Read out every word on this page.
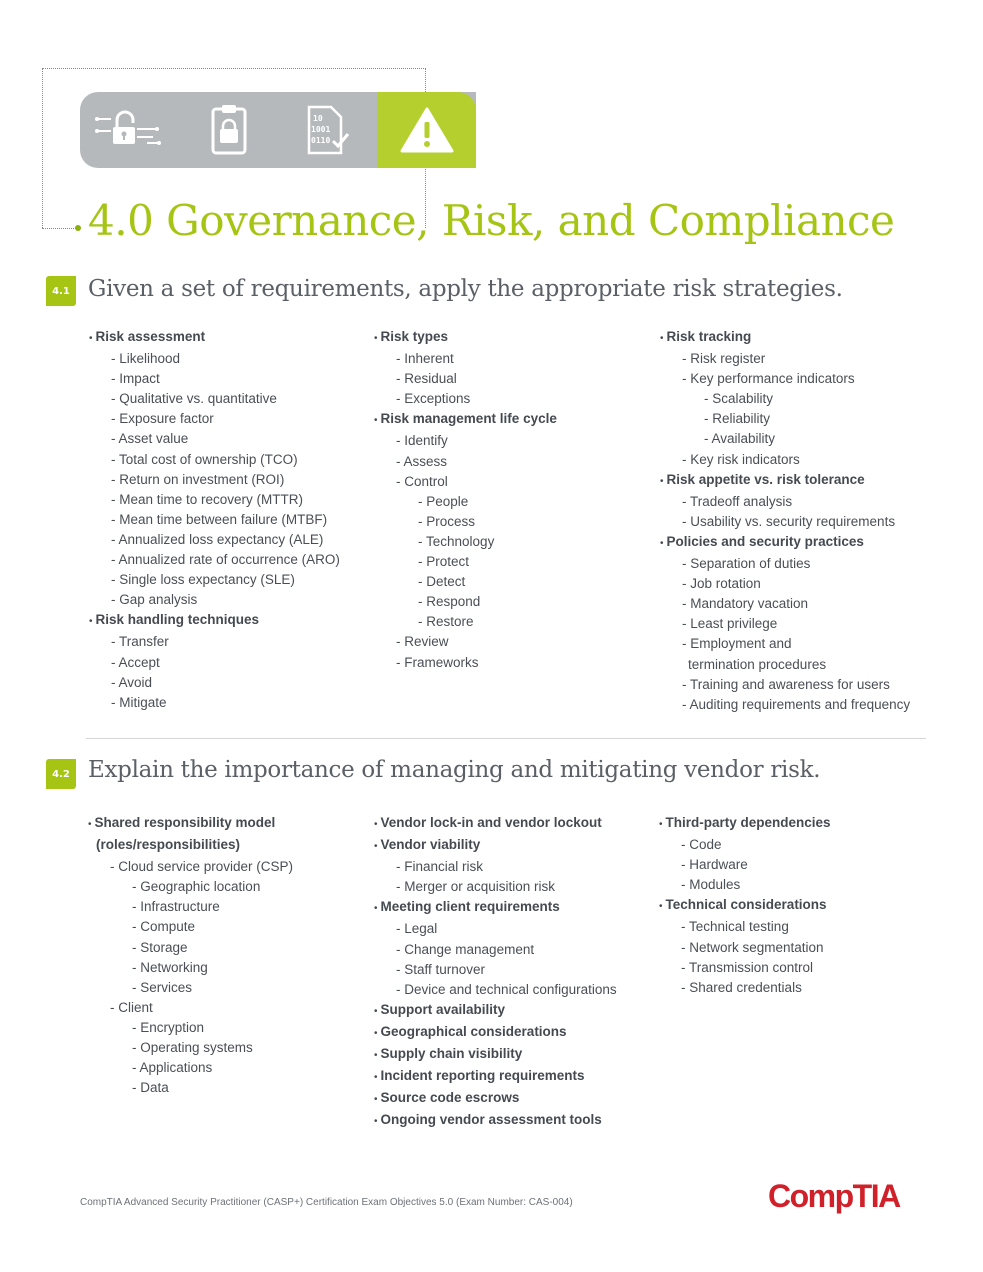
10
1001
0110
4.0 Governance, Risk, and Compliance
4.1 Given a set of requirements, apply the appropriate risk strategies.
• Risk assessment
- Likelihood
- Impact
- Qualitative vs. quantitative
- Exposure factor
- Asset value
- Total cost of ownership (TCO)
- Return on investment (ROI)
- Mean time to recovery (MTTR)
- Mean time between failure (MTBF)
- Annualized loss expectancy (ALE)
- Annualized rate of occurrence (ARO)
- Single loss expectancy (SLE)
- Gap analysis
• Risk handling techniques
- Transfer
- Accept
- Avoid
- Mitigate
• Risk types
- Inherent
- Residual
- Exceptions
• Risk management life cycle
- Identify
- Assess
- Control
- People
- Process
- Technology
- Protect
- Detect
- Respond
- Restore
- Review
- Frameworks
• Risk tracking
- Risk register
- Key performance indicators
- Scalability
- Reliability
- Availability
- Key risk indicators
• Risk appetite vs. risk tolerance
- Tradeoff analysis
- Usability vs. security requirements
• Policies and security practices
- Separation of duties
- Job rotation
- Mandatory vacation
- Least privilege
- Employment and
termination procedures
- Training and awareness for users
- Auditing requirements and frequency
4.2 Explain the importance of managing and mitigating vendor risk.
• Shared responsibility model
(roles/responsibilities)
- Cloud service provider (CSP)
- Geographic location
- Infrastructure
- Compute
- Storage
- Networking
- Services
- Client
- Encryption
- Operating systems
- Applications
- Data
• Vendor lock-in and vendor lockout
• Vendor viability
- Financial risk
- Merger or acquisition risk
• Meeting client requirements
- Legal
- Change management
- Staff turnover
- Device and technical configurations
• Support availability
• Geographical considerations
• Supply chain visibility
• Incident reporting requirements
• Source code escrows
• Ongoing vendor assessment tools
• Third-party dependencies
- Code
- Hardware
- Modules
• Technical considerations
- Technical testing
- Network segmentation
- Transmission control
- Shared credentials
CompTIA Advanced Security Practitioner (CASP+) Certification Exam Objectives 5.0 (Exam Number: CAS-004)	CompTIA
